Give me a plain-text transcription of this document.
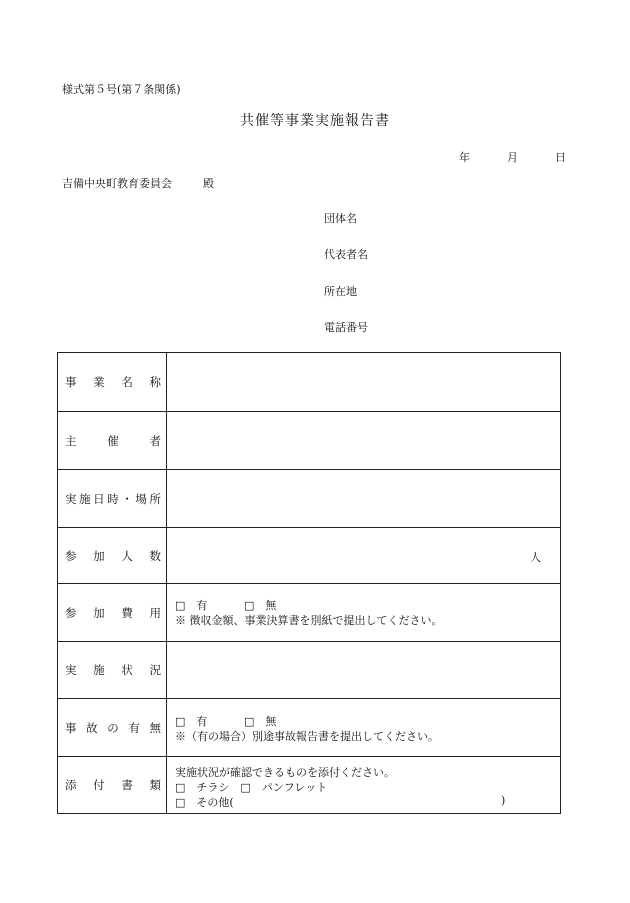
様式第５号(第７条関係)
共催等事業実施報告書
年	月	日
吉備中央町教育委員会	殿
団体名
代表者名
所在地
電話番号
事 業 名 称
主	催	者
実 施 日 時 ・ 場 所
参 加 人 数	人
参 加 費 用 □　有	□　無
※ 徴収金額、事業決算書を別紙で提出してください。
実 施 状 況
事 故 の 有 無 □　有	□　無
※（有の場合）別途事故報告書を提出してください。
添 付 書 類
実施状況が確認できるものを添付ください。
□　チラシ　□　パンフレット
□　その他(	)
